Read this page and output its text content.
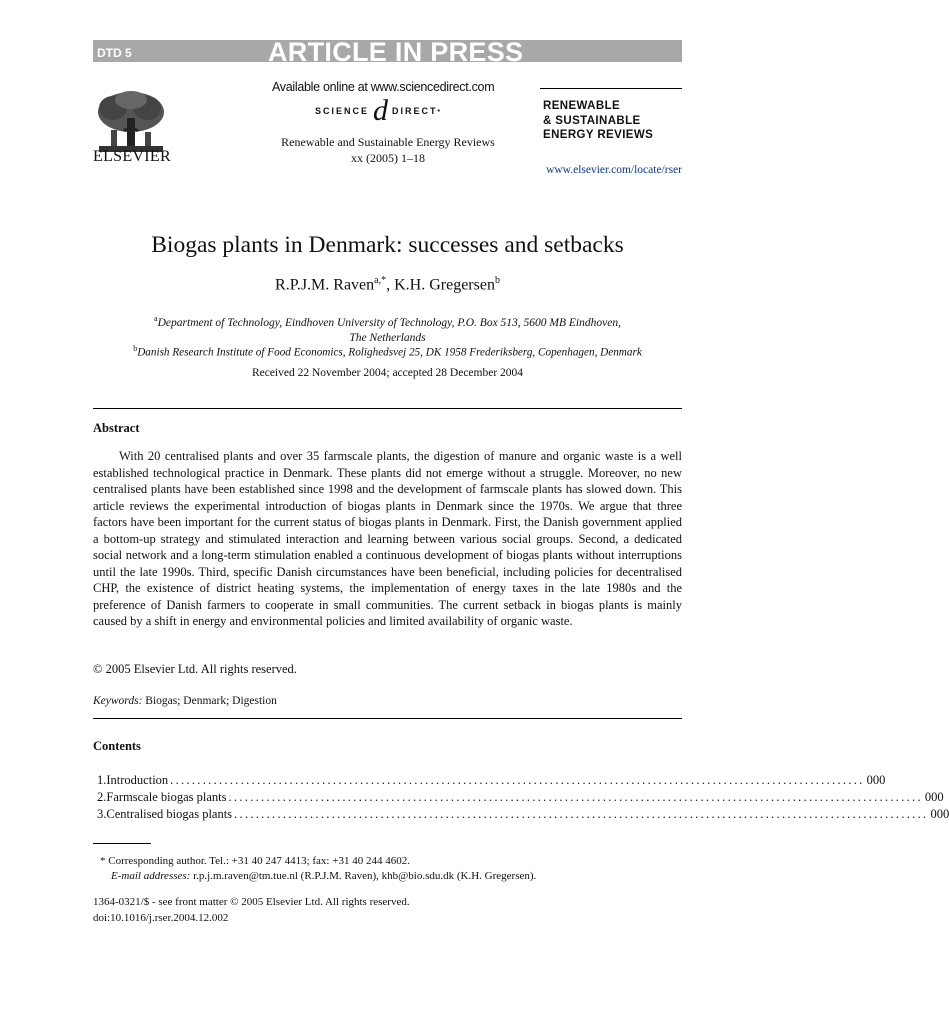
DTD 5	ARTICLE IN PRESS
ELSEVIER
Available online at www.sciencedirect.com
SCIENCE d DIRECT •
Renewable and Sustainable Energy Reviews
xx (2005) 1–18
RENEWABLE
& SUSTAINABLE
ENERGY REVIEWS
www.elsevier.com/locate/rser
Biogas plants in Denmark: successes and setbacks
R.P.J.M. Raven$^{a,*}$, K.H. Gregersen$^b$
$^a$Department of Technology, Eindhoven University of Technology, P.O. Box 513, 5600 MB Eindhoven,
The Netherlands
$^b$Danish Research Institute of Food Economics, Rolighedsvej 25, DK 1958 Frederiksberg, Copenhagen, Denmark
Received 22 November 2004; accepted 28 December 2004
Abstract

With 20 centralised plants and over 35 farmscale plants, the digestion of manure and organic waste is a well established technological practice in Denmark. These plants did not emerge without a struggle. Moreover, no new centralised plants have been established since 1998 and the development of farmscale plants has slowed down. This article reviews the experimental introduction of biogas plants in Denmark since the 1970s. We argue that three factors have been important for the current status of biogas plants in Denmark. First, the Danish government applied a bottom-up strategy and stimulated interaction and learning between various social groups. Second, a dedicated social network and a long-term stimulation enabled a continuous development of biogas plants without interruptions until the late 1990s. Third, specific Danish circumstances have been beneficial, including policies for decentralised CHP, the existence of district heating systems, the implementation of energy taxes in the late 1980s and the preference of Danish farmers to cooperate in small communities. The current setback in biogas plants is mainly caused by a shift in energy and environmental policies and limited availability of organic waste.

© 2005 Elsevier Ltd. All rights reserved.
Keywords: Biogas; Denmark; Digestion
Contents
1. Introduction ................................................................................................................................ 000
2. Farmscale biogas plants ................................................................................................................................ 000
3. Centralised biogas plants ................................................................................................................................ 000
* Corresponding author. Tel.: +31 40 247 4413; fax: +31 40 244 4602.
E-mail addresses: r.p.j.m.raven@tm.tue.nl (R.P.J.M. Raven), khb@bio.sdu.dk (K.H. Gregersen).
1364-0321/$ - see front matter © 2005 Elsevier Ltd. All rights reserved.
doi:10.1016/j.rser.2004.12.002
